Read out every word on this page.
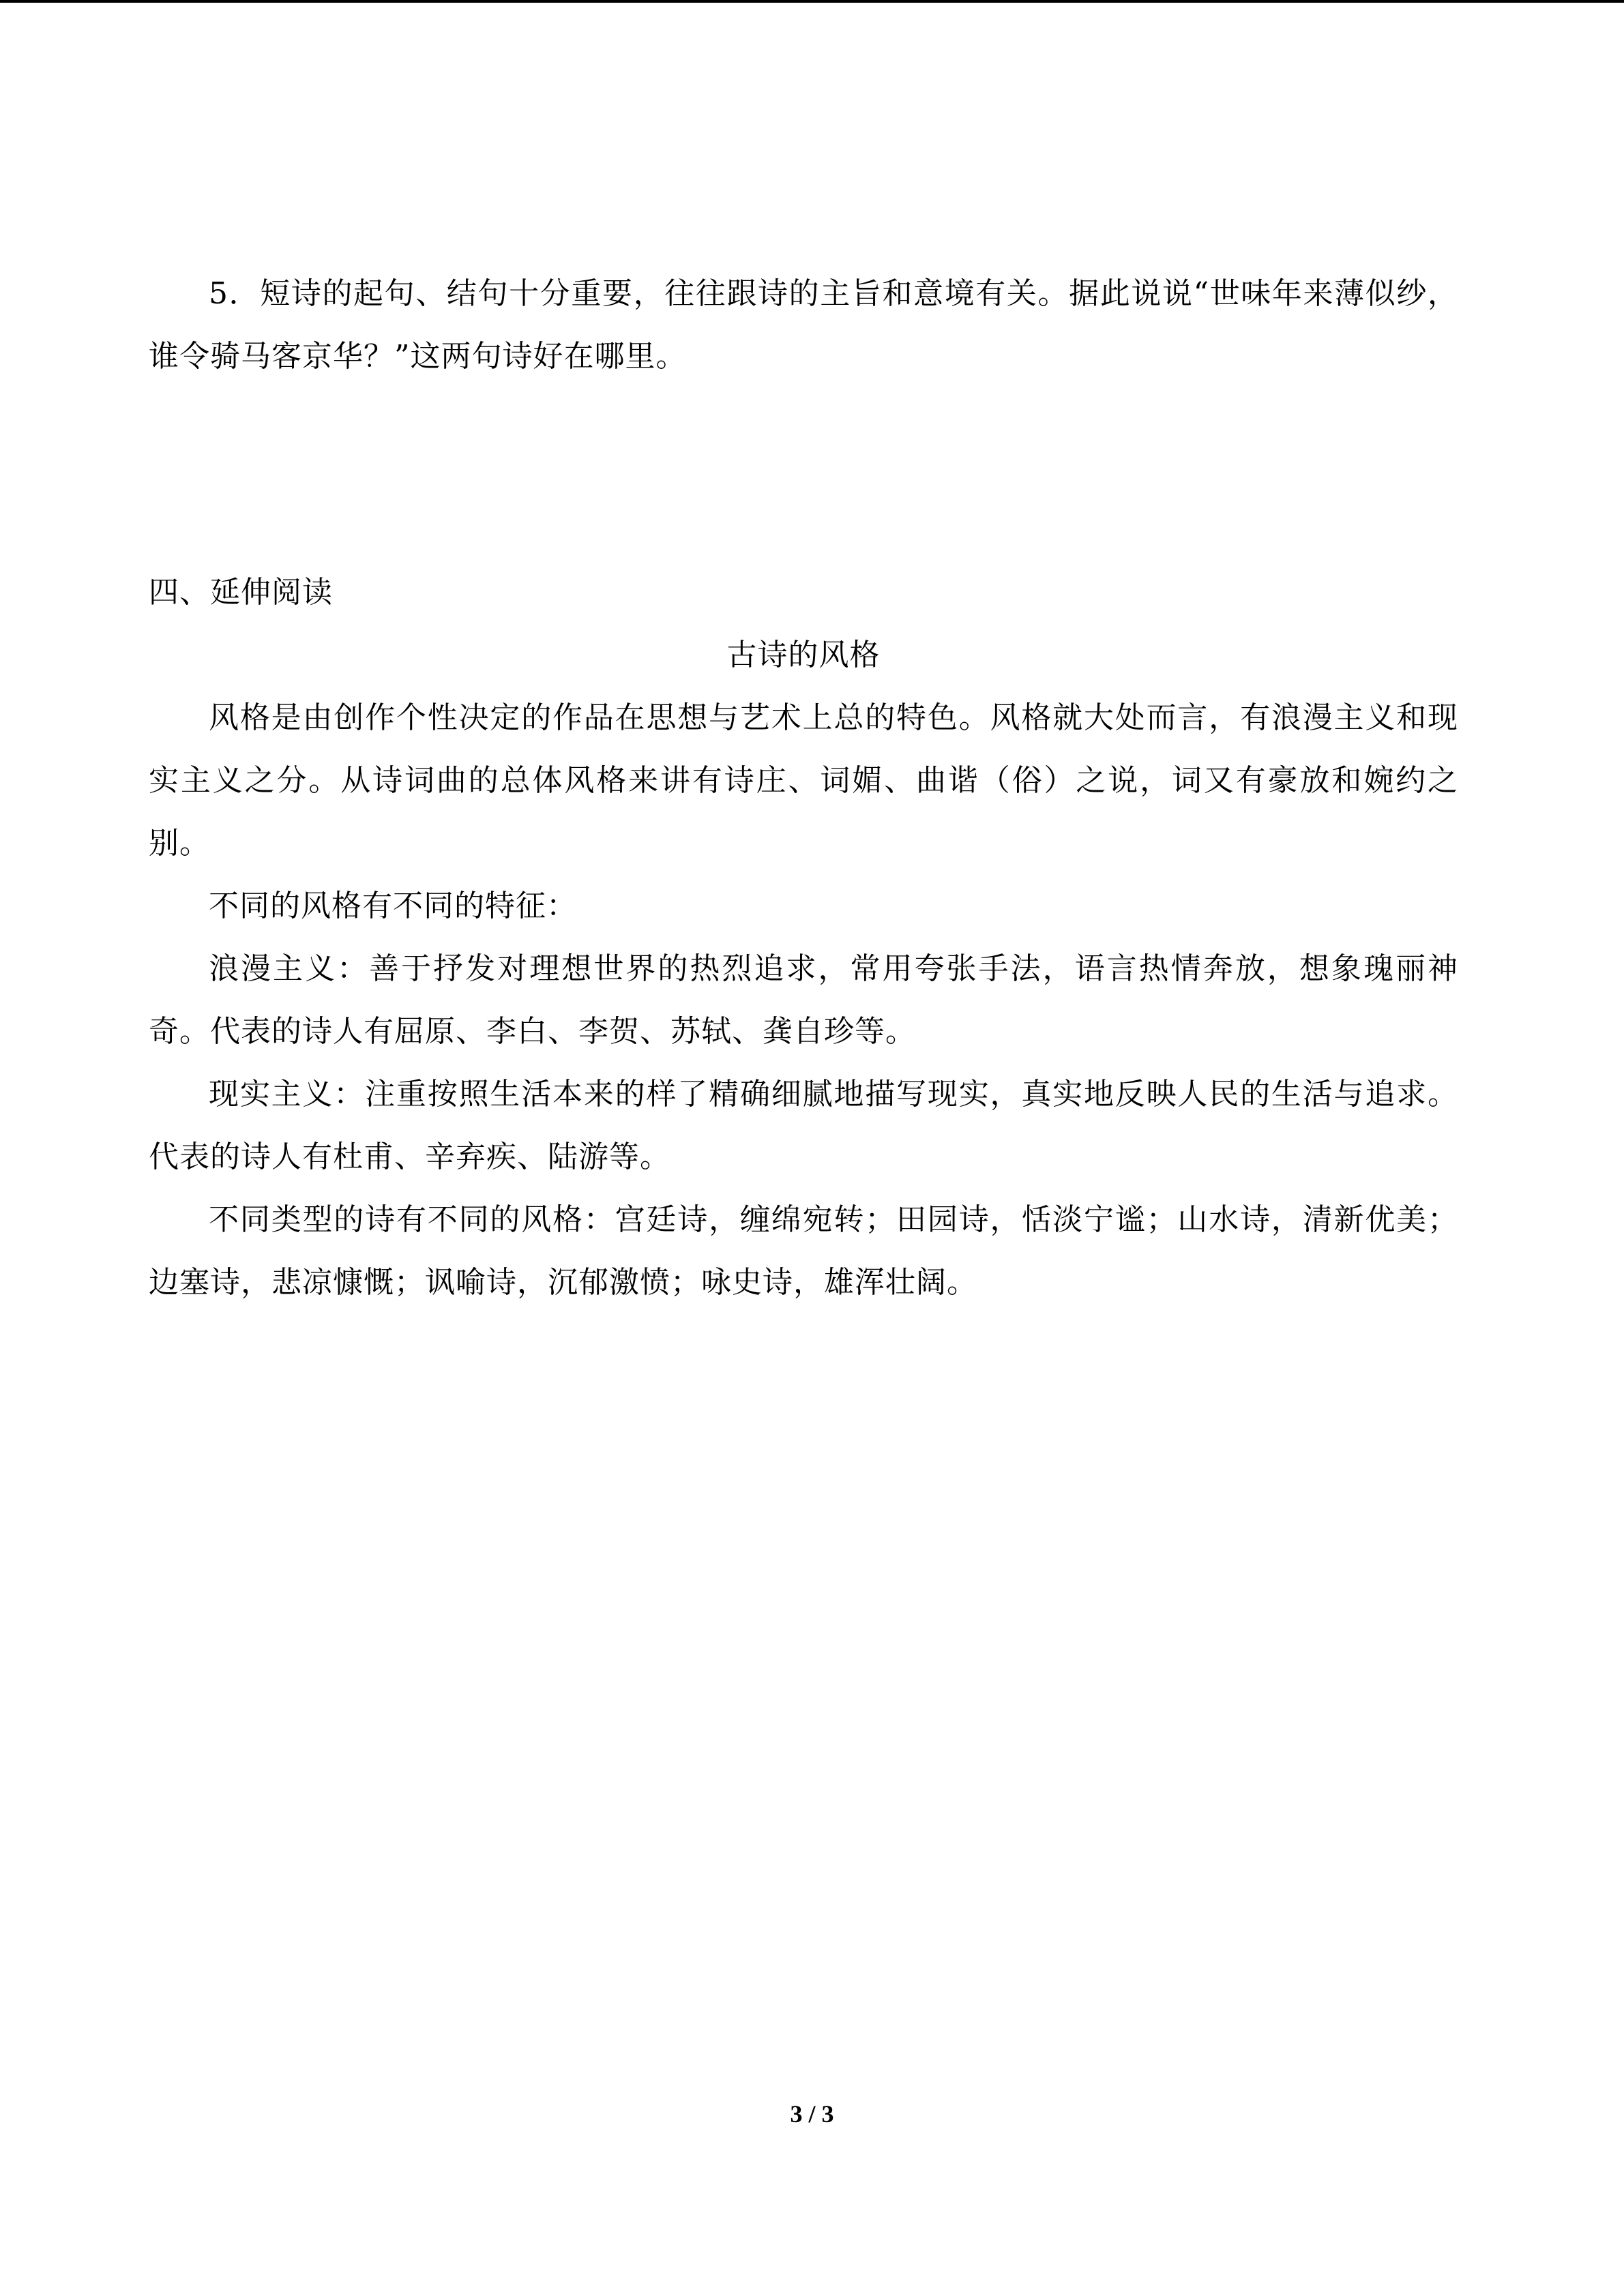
5．短诗的起句、结句十分重要，往往跟诗的主旨和意境有关。据此说说“世味年来薄似纱，谁令骑马客京华？”这两句诗好在哪里。

四、延伸阅读

古诗的风格

风格是由创作个性决定的作品在思想与艺术上总的特色。风格就大处而言，有浪漫主义和现实主义之分。从诗词曲的总体风格来讲有诗庄、词媚、曲谐（俗）之说，词又有豪放和婉约之别。

不同的风格有不同的特征：

浪漫主义：善于抒发对理想世界的热烈追求，常用夸张手法，语言热情奔放，想象瑰丽神奇。代表的诗人有屈原、李白、李贺、苏轼、龚自珍等。

现实主义：注重按照生活本来的样了精确细腻地描写现实，真实地反映人民的生活与追求。代表的诗人有杜甫、辛弃疾、陆游等。

不同类型的诗有不同的风格：宫廷诗，缠绵宛转；田园诗，恬淡宁谧；山水诗，清新优美；边塞诗，悲凉慷慨；讽喻诗，沉郁激愤；咏史诗，雄浑壮阔。

3 / 3
